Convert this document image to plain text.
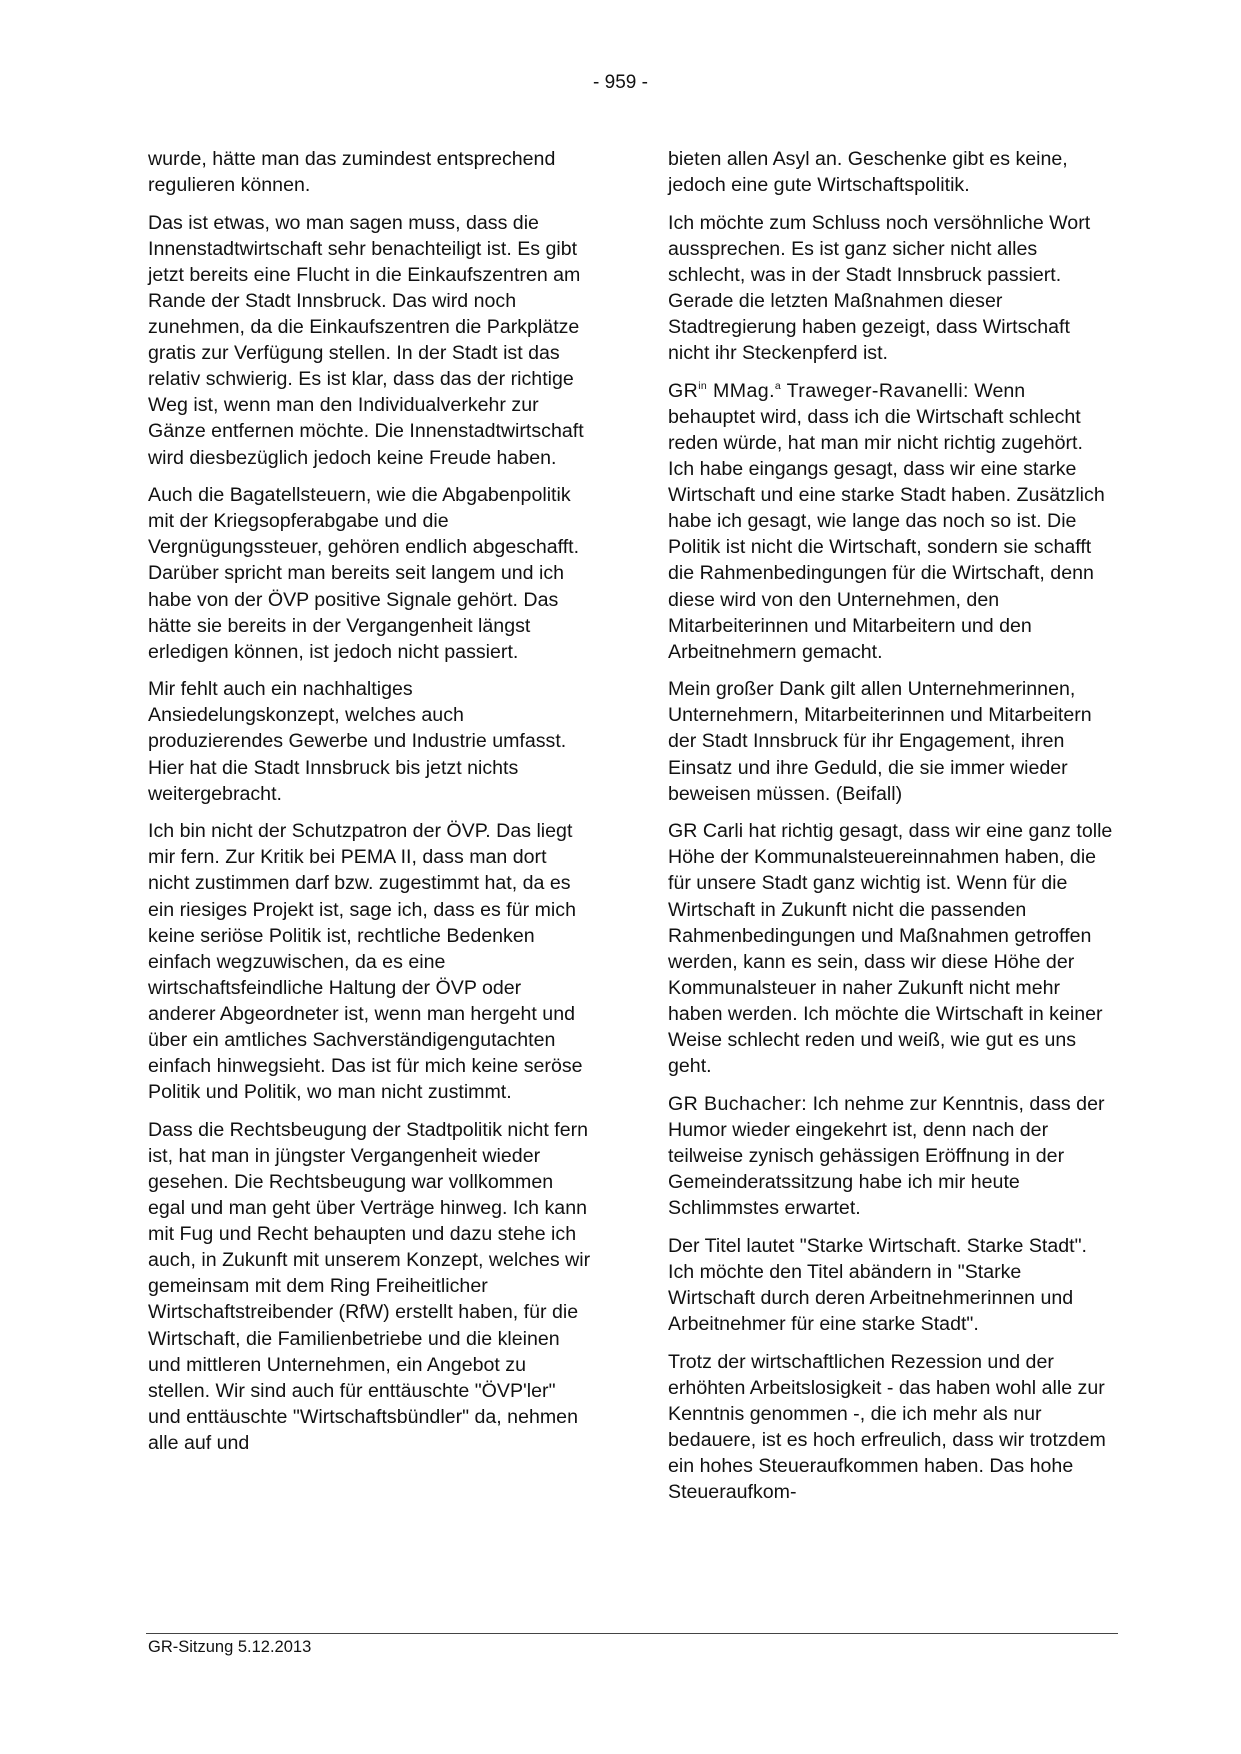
- 959 -

wurde, hätte man das zumindest entsprechend regulieren können.

Das ist etwas, wo man sagen muss, dass die Innenstadtwirtschaft sehr benachteiligt ist. Es gibt jetzt bereits eine Flucht in die Einkaufszentren am Rande der Stadt Innsbruck. Das wird noch zunehmen, da die Einkaufszentren die Parkplätze gratis zur Verfügung stellen. In der Stadt ist das relativ schwierig. Es ist klar, dass das der richtige Weg ist, wenn man den Individualverkehr zur Gänze entfernen möchte. Die Innenstadtwirtschaft wird diesbezüglich jedoch keine Freude haben.

Auch die Bagatellsteuern, wie die Abgabenpolitik mit der Kriegsopferabgabe und die Vergnügungssteuer, gehören endlich abgeschafft. Darüber spricht man bereits seit langem und ich habe von der ÖVP positive Signale gehört. Das hätte sie bereits in der Vergangenheit längst erledigen können, ist jedoch nicht passiert.

Mir fehlt auch ein nachhaltiges Ansiedelungskonzept, welches auch produzierendes Gewerbe und Industrie umfasst. Hier hat die Stadt Innsbruck bis jetzt nichts weitergebracht.

Ich bin nicht der Schutzpatron der ÖVP. Das liegt mir fern. Zur Kritik bei PEMA II, dass man dort nicht zustimmen darf bzw. zugestimmt hat, da es ein riesiges Projekt ist, sage ich, dass es für mich keine seriöse Politik ist, rechtliche Bedenken einfach wegzuwischen, da es eine wirtschaftsfeindliche Haltung der ÖVP oder anderer Abgeordneter ist, wenn man hergeht und über ein amtliches Sachverständigengutachten einfach hinwegsieht. Das ist für mich keine seröse Politik und Politik, wo man nicht zustimmt.

Dass die Rechtsbeugung der Stadtpolitik nicht fern ist, hat man in jüngster Vergangenheit wieder gesehen. Die Rechtsbeugung war vollkommen egal und man geht über Verträge hinweg. Ich kann mit Fug und Recht behaupten und dazu stehe ich auch, in Zukunft mit unserem Konzept, welches wir gemeinsam mit dem Ring Freiheitlicher Wirtschaftstreibender (RfW) erstellt haben, für die Wirtschaft, die Familienbetriebe und die kleinen und mittleren Unternehmen, ein Angebot zu stellen. Wir sind auch für enttäuschte "ÖVP'ler" und enttäuschte "Wirtschaftsbündler" da, nehmen alle auf und

bieten allen Asyl an. Geschenke gibt es keine, jedoch eine gute Wirtschaftspolitik.

Ich möchte zum Schluss noch versöhnliche Wort aussprechen. Es ist ganz sicher nicht alles schlecht, was in der Stadt Innsbruck passiert. Gerade die letzten Maßnahmen dieser Stadtregierung haben gezeigt, dass Wirtschaft nicht ihr Steckenpferd ist.

$GR^{in}$ MMag.$^a$ Traweger-Ravanelli: Wenn behauptet wird, dass ich die Wirtschaft schlecht reden würde, hat man mir nicht richtig zugehört. Ich habe eingangs gesagt, dass wir eine starke Wirtschaft und eine starke Stadt haben. Zusätzlich habe ich gesagt, wie lange das noch so ist. Die Politik ist nicht die Wirtschaft, sondern sie schafft die Rahmenbedingungen für die Wirtschaft, denn diese wird von den Unternehmen, den Mitarbeiterinnen und Mitarbeitern und den Arbeitnehmern gemacht.

Mein großer Dank gilt allen Unternehmerinnen, Unternehmern, Mitarbeiterinnen und Mitarbeitern der Stadt Innsbruck für ihr Engagement, ihren Einsatz und ihre Geduld, die sie immer wieder beweisen müssen. (Beifall)

GR Carli hat richtig gesagt, dass wir eine ganz tolle Höhe der Kommunalsteuereinnahmen haben, die für unsere Stadt ganz wichtig ist. Wenn für die Wirtschaft in Zukunft nicht die passenden Rahmenbedingungen und Maßnahmen getroffen werden, kann es sein, dass wir diese Höhe der Kommunalsteuer in naher Zukunft nicht mehr haben werden. Ich möchte die Wirtschaft in keiner Weise schlecht reden und weiß, wie gut es uns geht.

GR Buchacher: Ich nehme zur Kenntnis, dass der Humor wieder eingekehrt ist, denn nach der teilweise zynisch gehässigen Eröffnung in der Gemeinderatssitzung habe ich mir heute Schlimmstes erwartet.

Der Titel lautet "Starke Wirtschaft. Starke Stadt". Ich möchte den Titel abändern in "Starke Wirtschaft durch deren Arbeitnehmerinnen und Arbeitnehmer für eine starke Stadt".

Trotz der wirtschaftlichen Rezession und der erhöhten Arbeitslosigkeit - das haben wohl alle zur Kenntnis genommen -, die ich mehr als nur bedauere, ist es hoch erfreulich, dass wir trotzdem ein hohes Steueraufkommen haben. Das hohe Steueraufkom-

GR-Sitzung 5.12.2013
